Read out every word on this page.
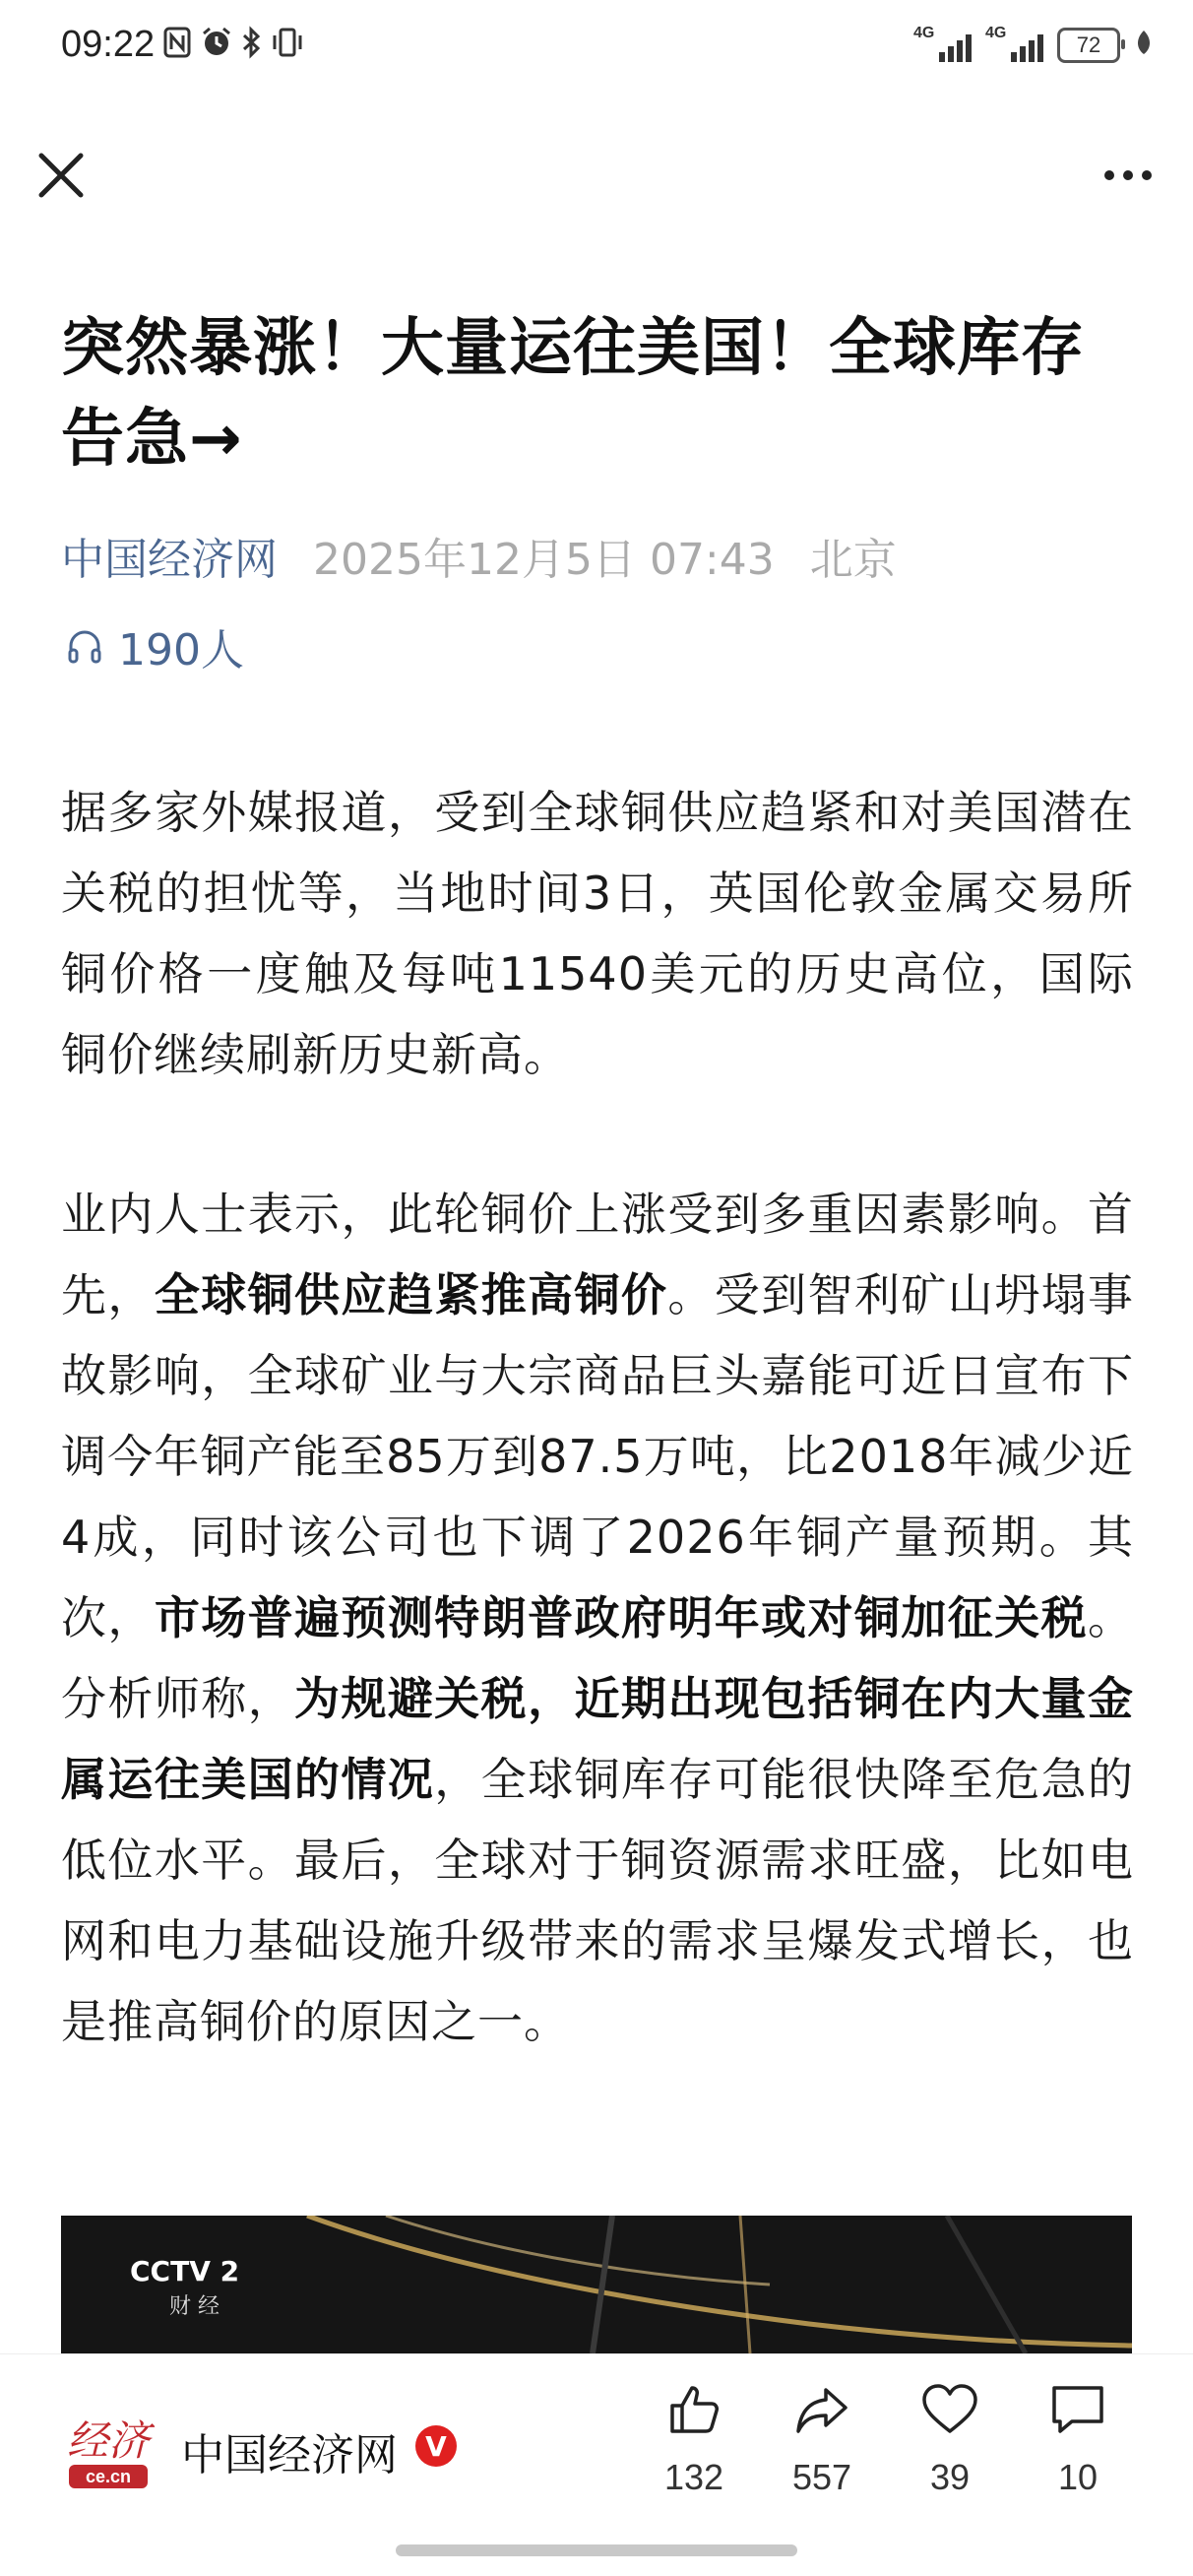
09:22	4G	4G	72
突然暴涨！大量运往美国！全球库存告急→
中国经济网 2025年12月5日 07:43 北京
190人

据多家外媒报道，受到全球铜供应趋紧和对美国潜在关税的担忧等，当地时间3日，英国伦敦金属交易所铜价格一度触及每吨11540美元的历史高位，国际铜价继续刷新历史新高。

业内人士表示，此轮铜价上涨受到多重因素影响。首先，全球铜供应趋紧推高铜价。受到智利矿山坍塌事故影响，全球矿业与大宗商品巨头嘉能可近日宣布下调今年铜产能至85万到87.5万吨，比2018年减少近4成，同时该公司也下调了2026年铜产量预期。其次，市场普遍预测特朗普政府明年或对铜加征关税。分析师称，为规避关税，近期出现包括铜在内大量金属运往美国的情况，全球铜库存可能很快降至危急的低位水平。最后，全球对于铜资源需求旺盛，比如电网和电力基础设施升级带来的需求呈爆发式增长，也是推高铜价的原因之一。

CCTV 2
财 经
经济
ce.cn 中国经济网	V
132 557 39 10
